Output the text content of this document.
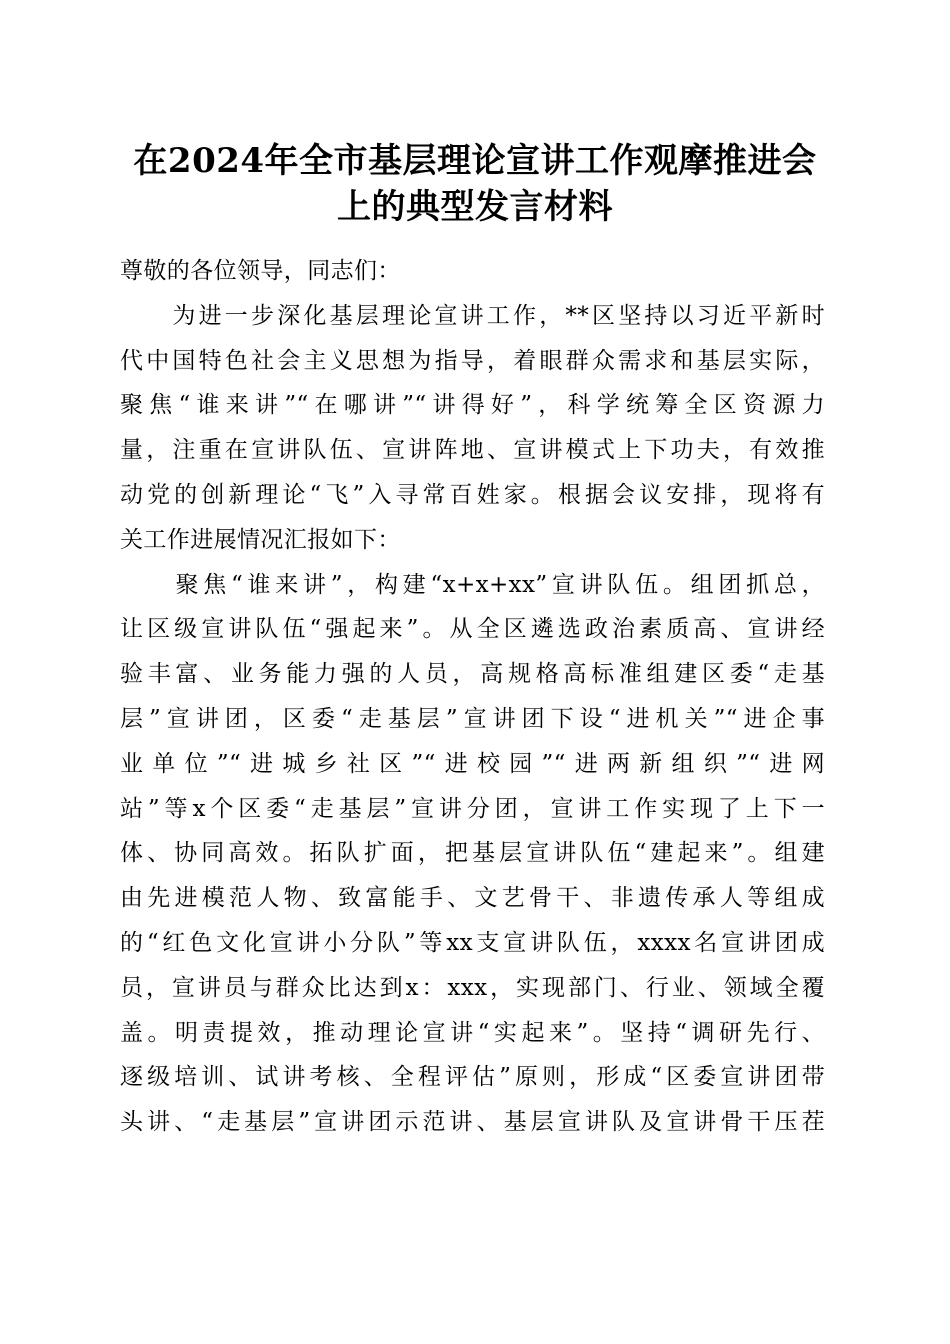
在2024年全市基层理论宣讲工作观摩推进会
上的典型发言材料
尊敬的各位领导，同志们：
　　为进一步深化基层理论宣讲工作，**区坚持以习近平新时
代中国特色社会主义思想为指导，着眼群众需求和基层实际，
聚焦“谁来讲”“在哪讲”“讲得好”，科学统筹全区资源力
量，注重在宣讲队伍、宣讲阵地、宣讲模式上下功夫，有效推
动党的创新理论“飞”入寻常百姓家。根据会议安排，现将有
关工作进展情况汇报如下：
　　聚焦“谁来讲”，构建“x+x+xx”宣讲队伍。组团抓总，
让区级宣讲队伍“强起来”。从全区遴选政治素质高、宣讲经
验丰富、业务能力强的人员，高规格高标准组建区委“走基
层”宣讲团，区委“走基层”宣讲团下设“进机关”“进企事
业单位”“进城乡社区”“进校园”“进两新组织”“进网
站”等x个区委“走基层”宣讲分团，宣讲工作实现了上下一
体、协同高效。拓队扩面，把基层宣讲队伍“建起来”。组建
由先进模范人物、致富能手、文艺骨干、非遗传承人等组成
的“红色文化宣讲小分队”等xx支宣讲队伍，xxxx名宣讲团成
员，宣讲员与群众比达到x：xxx，实现部门、行业、领域全覆
盖。明责提效，推动理论宣讲“实起来”。坚持“调研先行、
逐级培训、试讲考核、全程评估”原则，形成“区委宣讲团带
头讲、“走基层”宣讲团示范讲、基层宣讲队及宣讲骨干压茬
